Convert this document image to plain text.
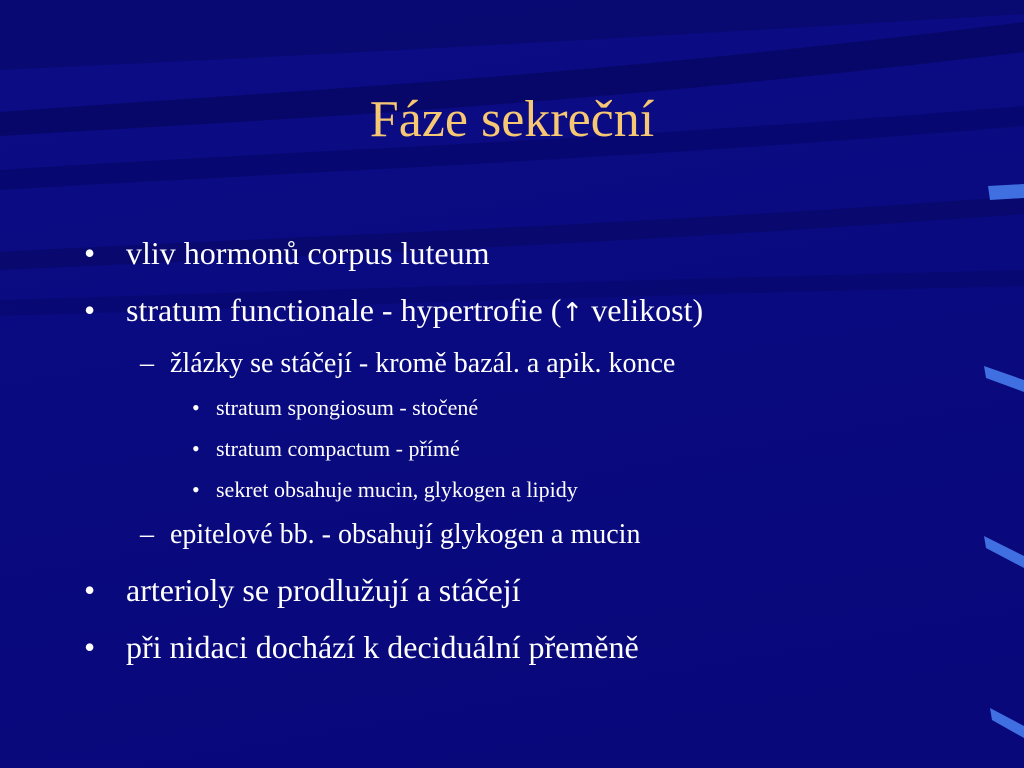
Fáze sekreční
• vliv hormonů corpus luteum
• stratum functionale - hypertrofie (↑ velikost)
– žlázky se stáčejí - kromě bazál. a apik. konce
• stratum spongiosum - stočené
• stratum compactum - přímé
• sekret obsahuje mucin, glykogen a lipidy
– epitelové bb. - obsahují glykogen a mucin
• arterioly se prodlužují a stáčejí
• při nidaci dochází k deciduální přeměně
